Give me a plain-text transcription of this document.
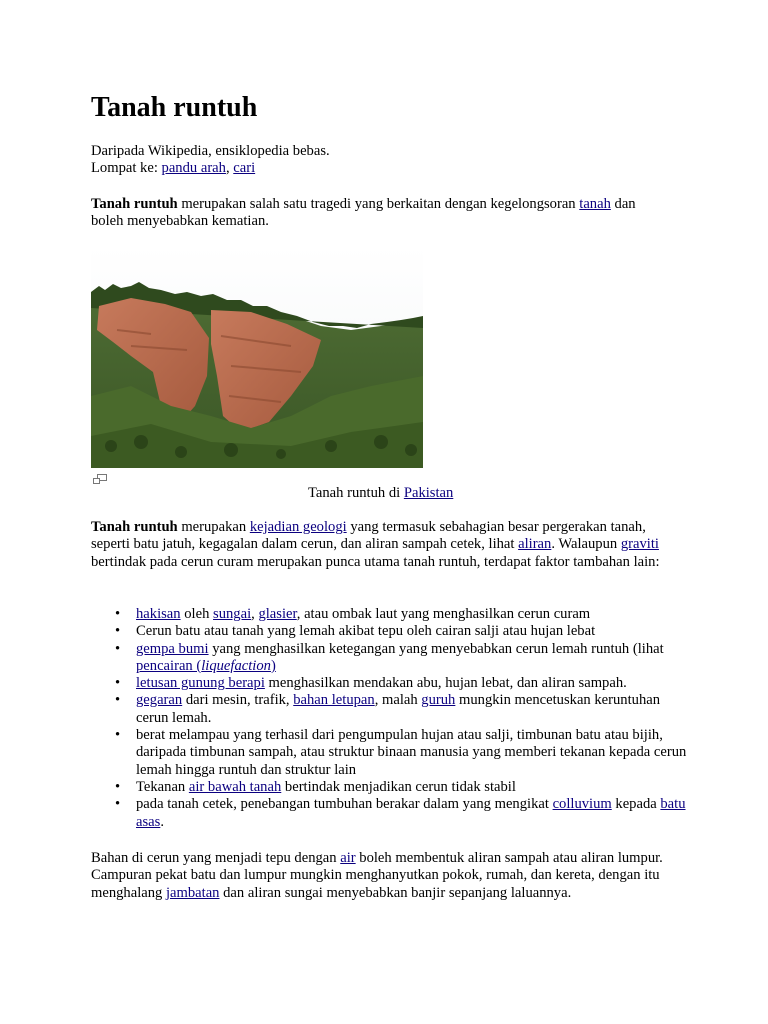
Tanah runtuh
Daripada Wikipedia, ensiklopedia bebas.
Lompat ke: pandu arah, cari

Tanah runtuh merupakan salah satu tragedi yang berkaitan dengan kegelongsoran tanah dan boleh menyebabkan kematian.

Tanah runtuh di Pakistan

Tanah runtuh merupakan kejadian geologi yang termasuk sebahagian besar pergerakan tanah, seperti batu jatuh, kegagalan dalam cerun, dan aliran sampah cetek, lihat aliran. Walaupun graviti bertindak pada cerun curam merupakan punca utama tanah runtuh, terdapat faktor tambahan lain:

• hakisan oleh sungai, glasier, atau ombak laut yang menghasilkan cerun curam
• Cerun batu atau tanah yang lemah akibat tepu oleh cairan salji atau hujan lebat
• gempa bumi yang menghasilkan ketegangan yang menyebabkan cerun lemah runtuh (lihat pencairan (liquefaction)
• letusan gunung berapi menghasilkan mendakan abu, hujan lebat, dan aliran sampah.
• gegaran dari mesin, trafik, bahan letupan, malah guruh mungkin mencetuskan keruntuhan cerun lemah.
• berat melampau yang terhasil dari pengumpulan hujan atau salji, timbunan batu atau bijih, daripada timbunan sampah, atau struktur binaan manusia yang memberi tekanan kepada cerun lemah hingga runtuh dan struktur lain
• Tekanan air bawah tanah bertindak menjadikan cerun tidak stabil
• pada tanah cetek, penebangan tumbuhan berakar dalam yang mengikat colluvium kepada batu asas.

Bahan di cerun yang menjadi tepu dengan air boleh membentuk aliran sampah atau aliran lumpur. Campuran pekat batu dan lumpur mungkin menghanyutkan pokok, rumah, dan kereta, dengan itu menghalang jambatan dan aliran sungai menyebabkan banjir sepanjang laluannya.
